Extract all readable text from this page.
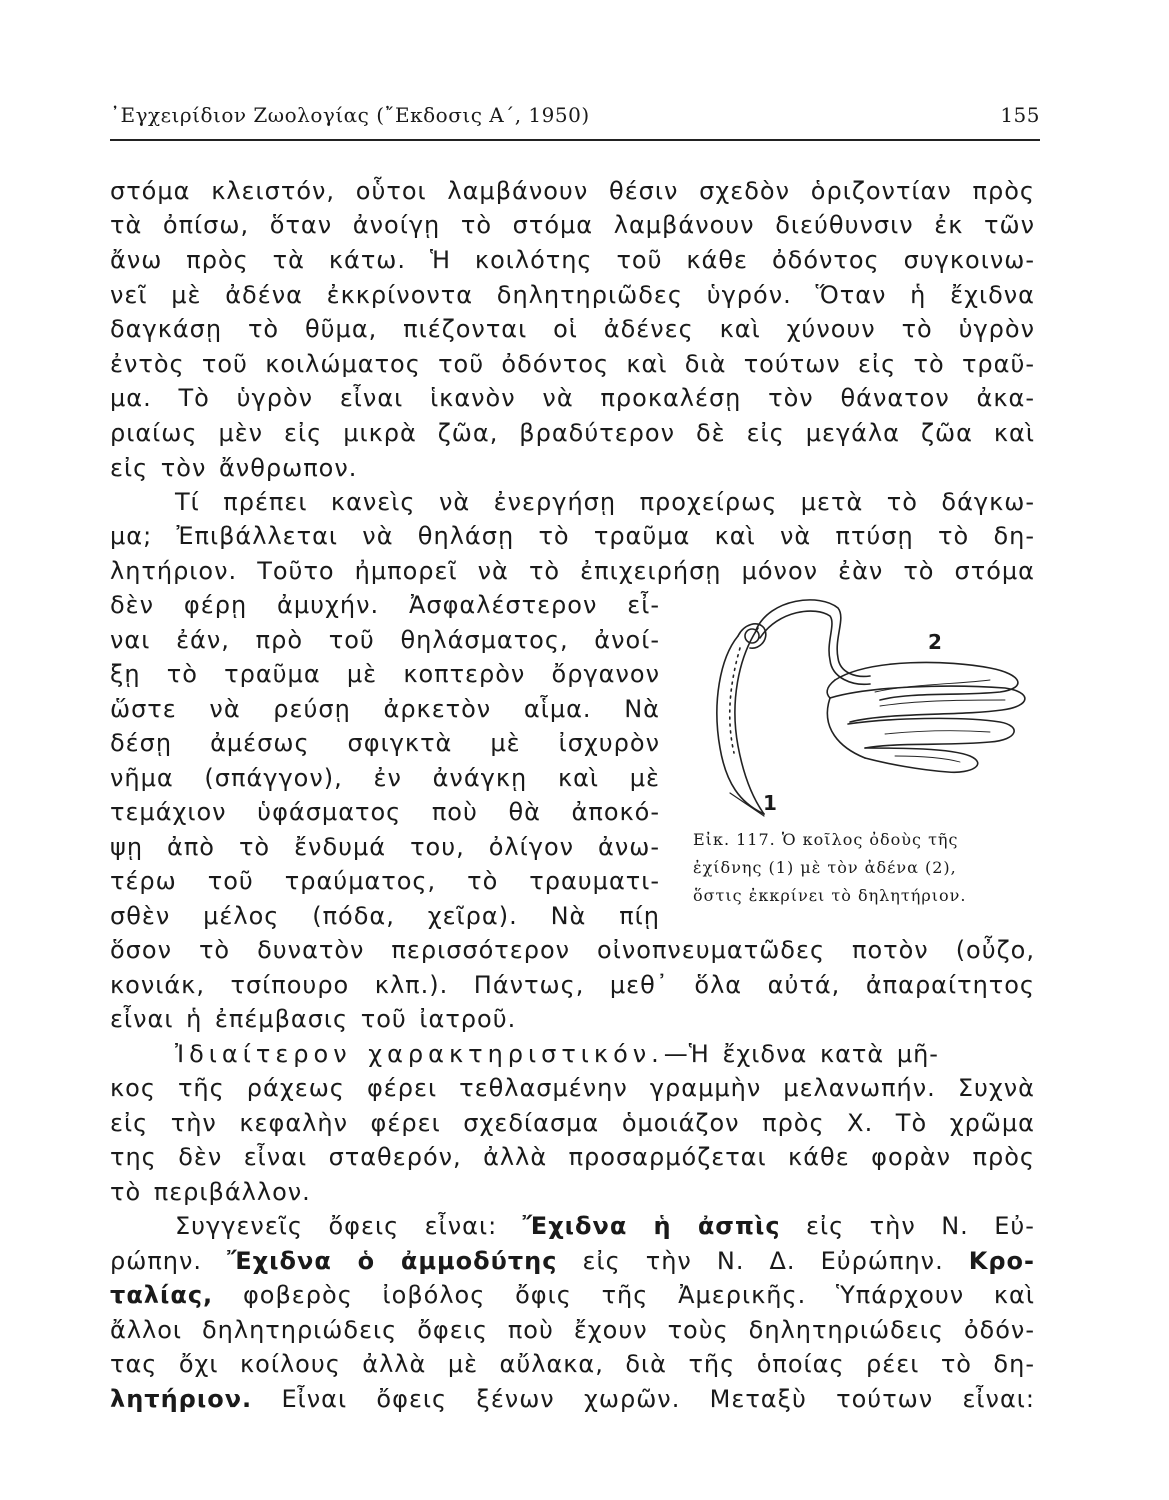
᾽Εγχειρίδιον Ζωολογίας (῎Εκδοσις Α΄, 1950)	155
στόμα κλειστόν, οὗτοι λαμβάνουν θέσιν σχεδὸν ὁριζοντίαν πρὸς
τὰ ὀπίσω, ὅταν ἀνοίγῃ τὸ στόμα λαμβάνουν διεύθυνσιν ἐκ τῶν
ἄνω πρὸς τὰ κάτω. Ἡ κοιλότης τοῦ κάθε ὀδόντος συγκοινω-
νεῖ μὲ ἀδένα ἐκκρίνοντα δηλητηριῶδες ὑγρόν. Ὅταν ἡ ἔχιδνα
δαγκάσῃ τὸ θῦμα, πιέζονται οἱ ἀδένες καὶ χύνουν τὸ ὑγρὸν
ἐντὸς τοῦ κοιλώματος τοῦ ὀδόντος καὶ διὰ τούτων εἰς τὸ τραῦ-
μα. Τὸ ὑγρὸν εἶναι ἱκανὸν νὰ προκαλέσῃ τὸν θάνατον ἀκα-
ριαίως μὲν εἰς μικρὰ ζῶα, βραδύτερον δὲ εἰς μεγάλα ζῶα καὶ
εἰς τὸν ἄνθρωπον.
Τί πρέπει κανεὶς νὰ ἐνεργήσῃ προχείρως μετὰ τὸ δάγκω-
μα; Ἐπιβάλλεται νὰ θηλάσῃ τὸ τραῦμα καὶ νὰ πτύσῃ τὸ δη-
λητήριον. Τοῦτο ἠμπορεῖ νὰ τὸ ἐπιχειρήσῃ μόνον ἐὰν τὸ στόμα
δὲν φέρῃ ἀμυχήν. Ἀσφαλέστερον εἶ-
ναι ἐάν, πρὸ τοῦ θηλάσματος, ἀνοί-
ξῃ τὸ τραῦμα μὲ κοπτερὸν ὄργανον
ὥστε νὰ ρεύσῃ ἀρκετὸν αἷμα. Νὰ
δέσῃ ἀμέσως σφιγκτὰ μὲ ἰσχυρὸν
νῆμα (σπάγγον), ἐν ἀνάγκῃ καὶ μὲ
τεμάχιον ὑφάσματος ποὺ θὰ ἀποκό-
ψῃ ἀπὸ τὸ ἔνδυμά του, ὀλίγον ἀνω-
τέρω τοῦ τραύματος, τὸ τραυματι-
σθὲν μέλος (πόδα, χεῖρα). Νὰ πίῃ
ὅσον τὸ δυνατὸν περισσότερον οἰνοπνευματῶδες ποτὸν (οὖζο,
κονιάκ, τσίπουρο κλπ.). Πάντως, μεθ᾽ ὅλα αὐτά, ἀπαραίτητος
εἶναι ἡ ἐπέμβασις τοῦ ἰατροῦ.
Ἰδιαίτερον χαρακτηριστικόν.—Ἡ ἔχιδνα κατὰ μῆ-
κος τῆς ράχεως φέρει τεθλασμένην γραμμὴν μελανωπήν. Συχνὰ
εἰς τὴν κεφαλὴν φέρει σχεδίασμα ὁμοιάζον πρὸς Χ. Τὸ χρῶμα
της δὲν εἶναι σταθερόν, ἀλλὰ προσαρμόζεται κάθε φορὰν πρὸς
τὸ περιβάλλον.
Συγγενεῖς ὄφεις εἶναι: Ἔχιδνα ἡ ἀσπὶς εἰς τὴν Ν. Εὐ-
ρώπην. Ἔχιδνα ὁ ἀμμοδύτης εἰς τὴν Ν. Δ. Εὐρώπην. Κρο-
ταλίας, φοβερὸς ἰοβόλος ὄφις τῆς Ἀμερικῆς. Ὑπάρχουν καὶ
ἄλλοι δηλητηριώδεις ὄφεις ποὺ ἔχουν τοὺς δηλητηριώδεις ὀδόν-
τας ὄχι κοίλους ἀλλὰ μὲ αὔλακα, διὰ τῆς ὁποίας ρέει τὸ δη-
λητήριον. Εἶναι ὄφεις ξένων χωρῶν. Μεταξὺ τούτων εἶναι:
2
1
Εἰκ. 117. Ὁ κοῖλος ὀδοὺς τῆς
ἐχίδνης (1) μὲ τὸν ἀδένα (2),
ὅστις ἐκκρίνει τὸ δηλητήριον.
